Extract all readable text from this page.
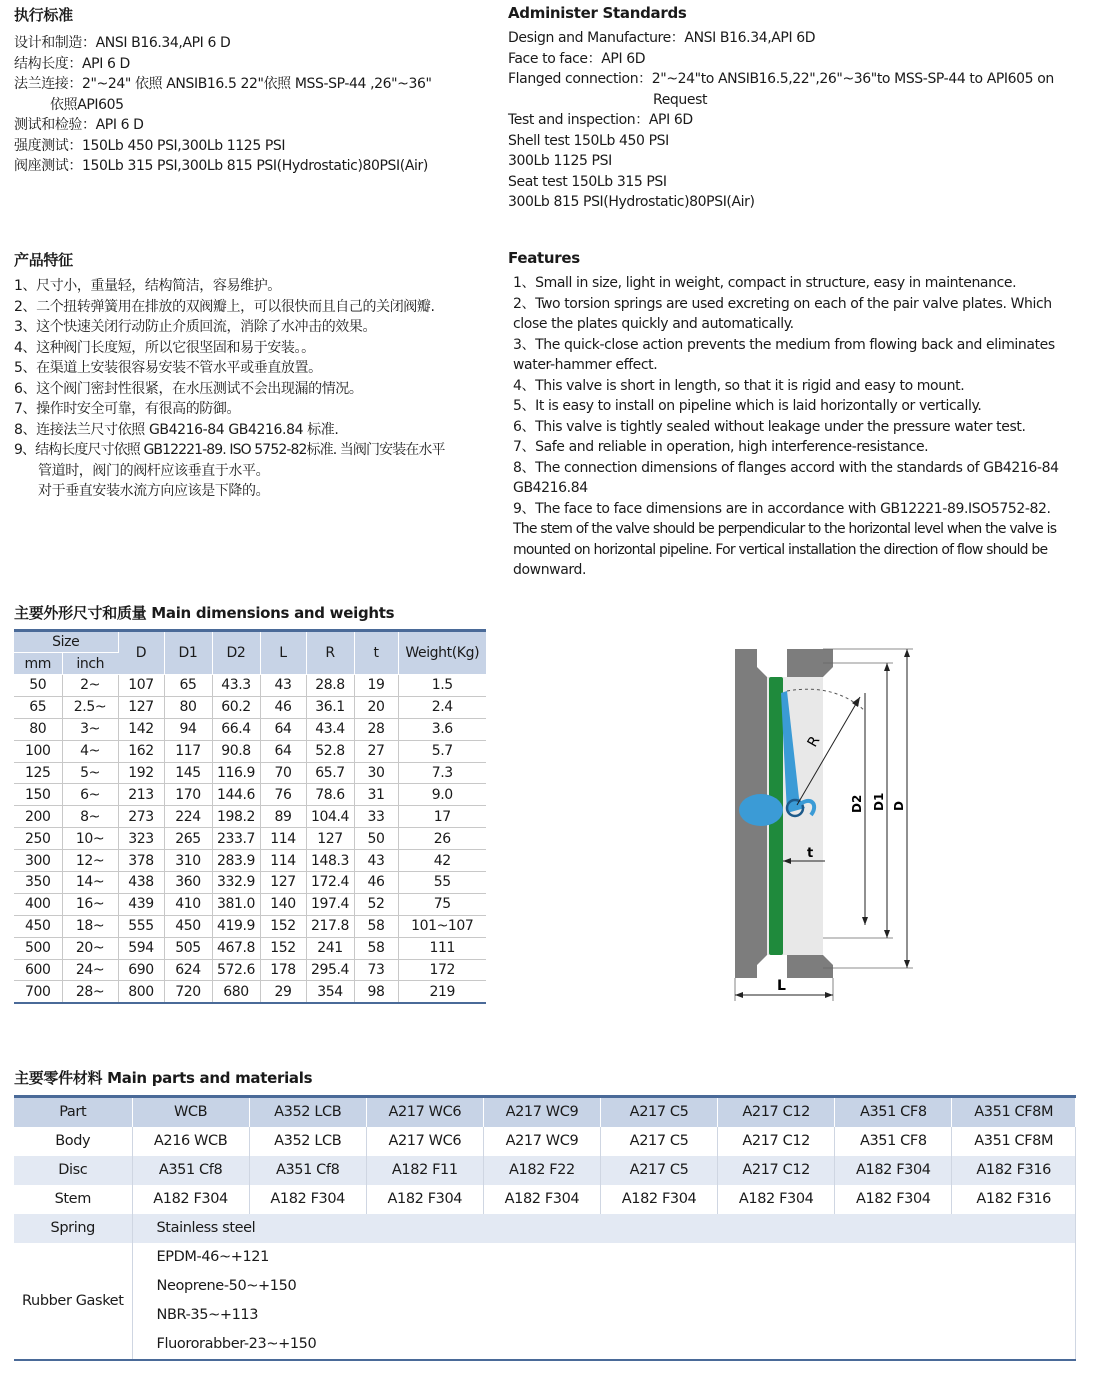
执行标准
设计和制造：ANSI B16.34,API 6 D
结构长度：API 6 D
法兰连接：2"~24" 依照 ANSIB16.5 22"依照 MSS-SP-44 ,26"~36"
依照API605
测试和检验：API 6 D
强度测试：150Lb 450 PSI,300Lb 1125 PSI
阀座测试：150Lb 315 PSI,300Lb 815 PSI(Hydrostatic)80PSI(Air)
Administer Standards
Design and Manufacture：ANSI B16.34,API 6D
Face to face：API 6D
Flanged connection：2"~24"to ANSIB16.5,22",26"~36"to MSS-SP-44 to API605 on
Request
Test and inspection：API 6D
Shell test 150Lb 450 PSI
300Lb 1125 PSI
Seat test 150Lb 315 PSI
300Lb 815 PSI(Hydrostatic)80PSI(Air)
产品特征
1、尺寸小，重量轻，结构简洁，容易维护。
2、二个扭转弹簧用在排放的双阀瓣上，可以很快而且自己的关闭阀瓣.
3、这个快速关闭行动防止介质回流，消除了水冲击的效果。
4、这种阀门长度短，所以它很坚固和易于安装。。
5、在渠道上安装很容易安装不管水平或垂直放置。
6、这个阀门密封性很紧，在水压测试不会出现漏的情况。
7、操作时安全可靠，有很高的防御。
8、连接法兰尺寸依照 GB4216-84 GB4216.84 标准.
9、结构长度尺寸依照 GB12221-89. ISO 5752-82标准. 当阀门安装在水平
管道时，阀门的阀杆应该垂直于水平。
对于垂直安装水流方向应该是下降的。
Features
1、Small in size, light in weight, compact in structure, easy in maintenance.
2、Two torsion springs are used excreting on each of the pair valve plates. Which
close the plates quickly and automatically.
3、The quick-close action prevents the medium from flowing back and eliminates
water-hammer effect.
4、This valve is short in length, so that it is rigid and easy to mount.
5、It is easy to install on pipeline which is laid horizontally or vertically.
6、This valve is tightly sealed without leakage under the pressure water test.
7、Safe and reliable in operation, high interference-resistance.
8、The connection dimensions of flanges accord with the standards of GB4216-84
GB4216.84
9、The face to face dimensions are in accordance with GB12221-89.ISO5752-82.
The stem of the valve should be perpendicular to the horizontal level when the valve is
mounted on horizontal pipeline. For vertical installation the direction of flow should be
downward.
主要外形尺寸和质量 Main dimensions and weights
Size		D	D1	D2	L	R	t	Weight(Kg)
mm	inch							
50	2~	107	65	43.3	43	28.8	19	1.5
65	2.5~	127	80	60.2	46	36.1	20	2.4
80	3~	142	94	66.4	64	43.4	28	3.6
100	4~	162	117	90.8	64	52.8	27	5.7
125	5~	192	145	116.9	70	65.7	30	7.3
150	6~	213	170	144.6	76	78.6	31	9.0
200	8~	273	224	198.2	89	104.4	33	17
250	10~	323	265	233.7	114	127	50	26
300	12~	378	310	283.9	114	148.3	43	42
350	14~	438	360	332.9	127	172.4	46	55
400	16~	439	410	381.0	140	197.4	52	75
450	18~	555	450	419.9	152	217.8	58	101~107
500	20~	594	505	467.8	152	241	58	111
600	24~	690	624	572.6	178	295.4	73	172
700	28~	800	720	680	29	354	98	219
R
D2 D1 D
t
L
主要零件材料 Main parts and materials
Part	WCB	A352 LCB	A217 WC6	A217 WC9	A217 C5	A217 C12	A351 CF8	A351 CF8M
Body	A216 WCB	A352 LCB	A217 WC6	A217 WC9	A217 C5	A217 C12	A351 CF8	A351 CF8M
Disc	A351 Cf8	A351 Cf8	A182 F11	A182 F22	A217 C5	A217 C12	A182 F304	A182 F316
Stem	A182 F304	A182 F304	A182 F304	A182 F304	A182 F304	A182 F304	A182 F304	A182 F316
Spring	Stainless steel							
Rubber Gasket	EPDM-46~+121
Neoprene-50~+150
NBR-35~+113
Fluororabber-23~+150							
